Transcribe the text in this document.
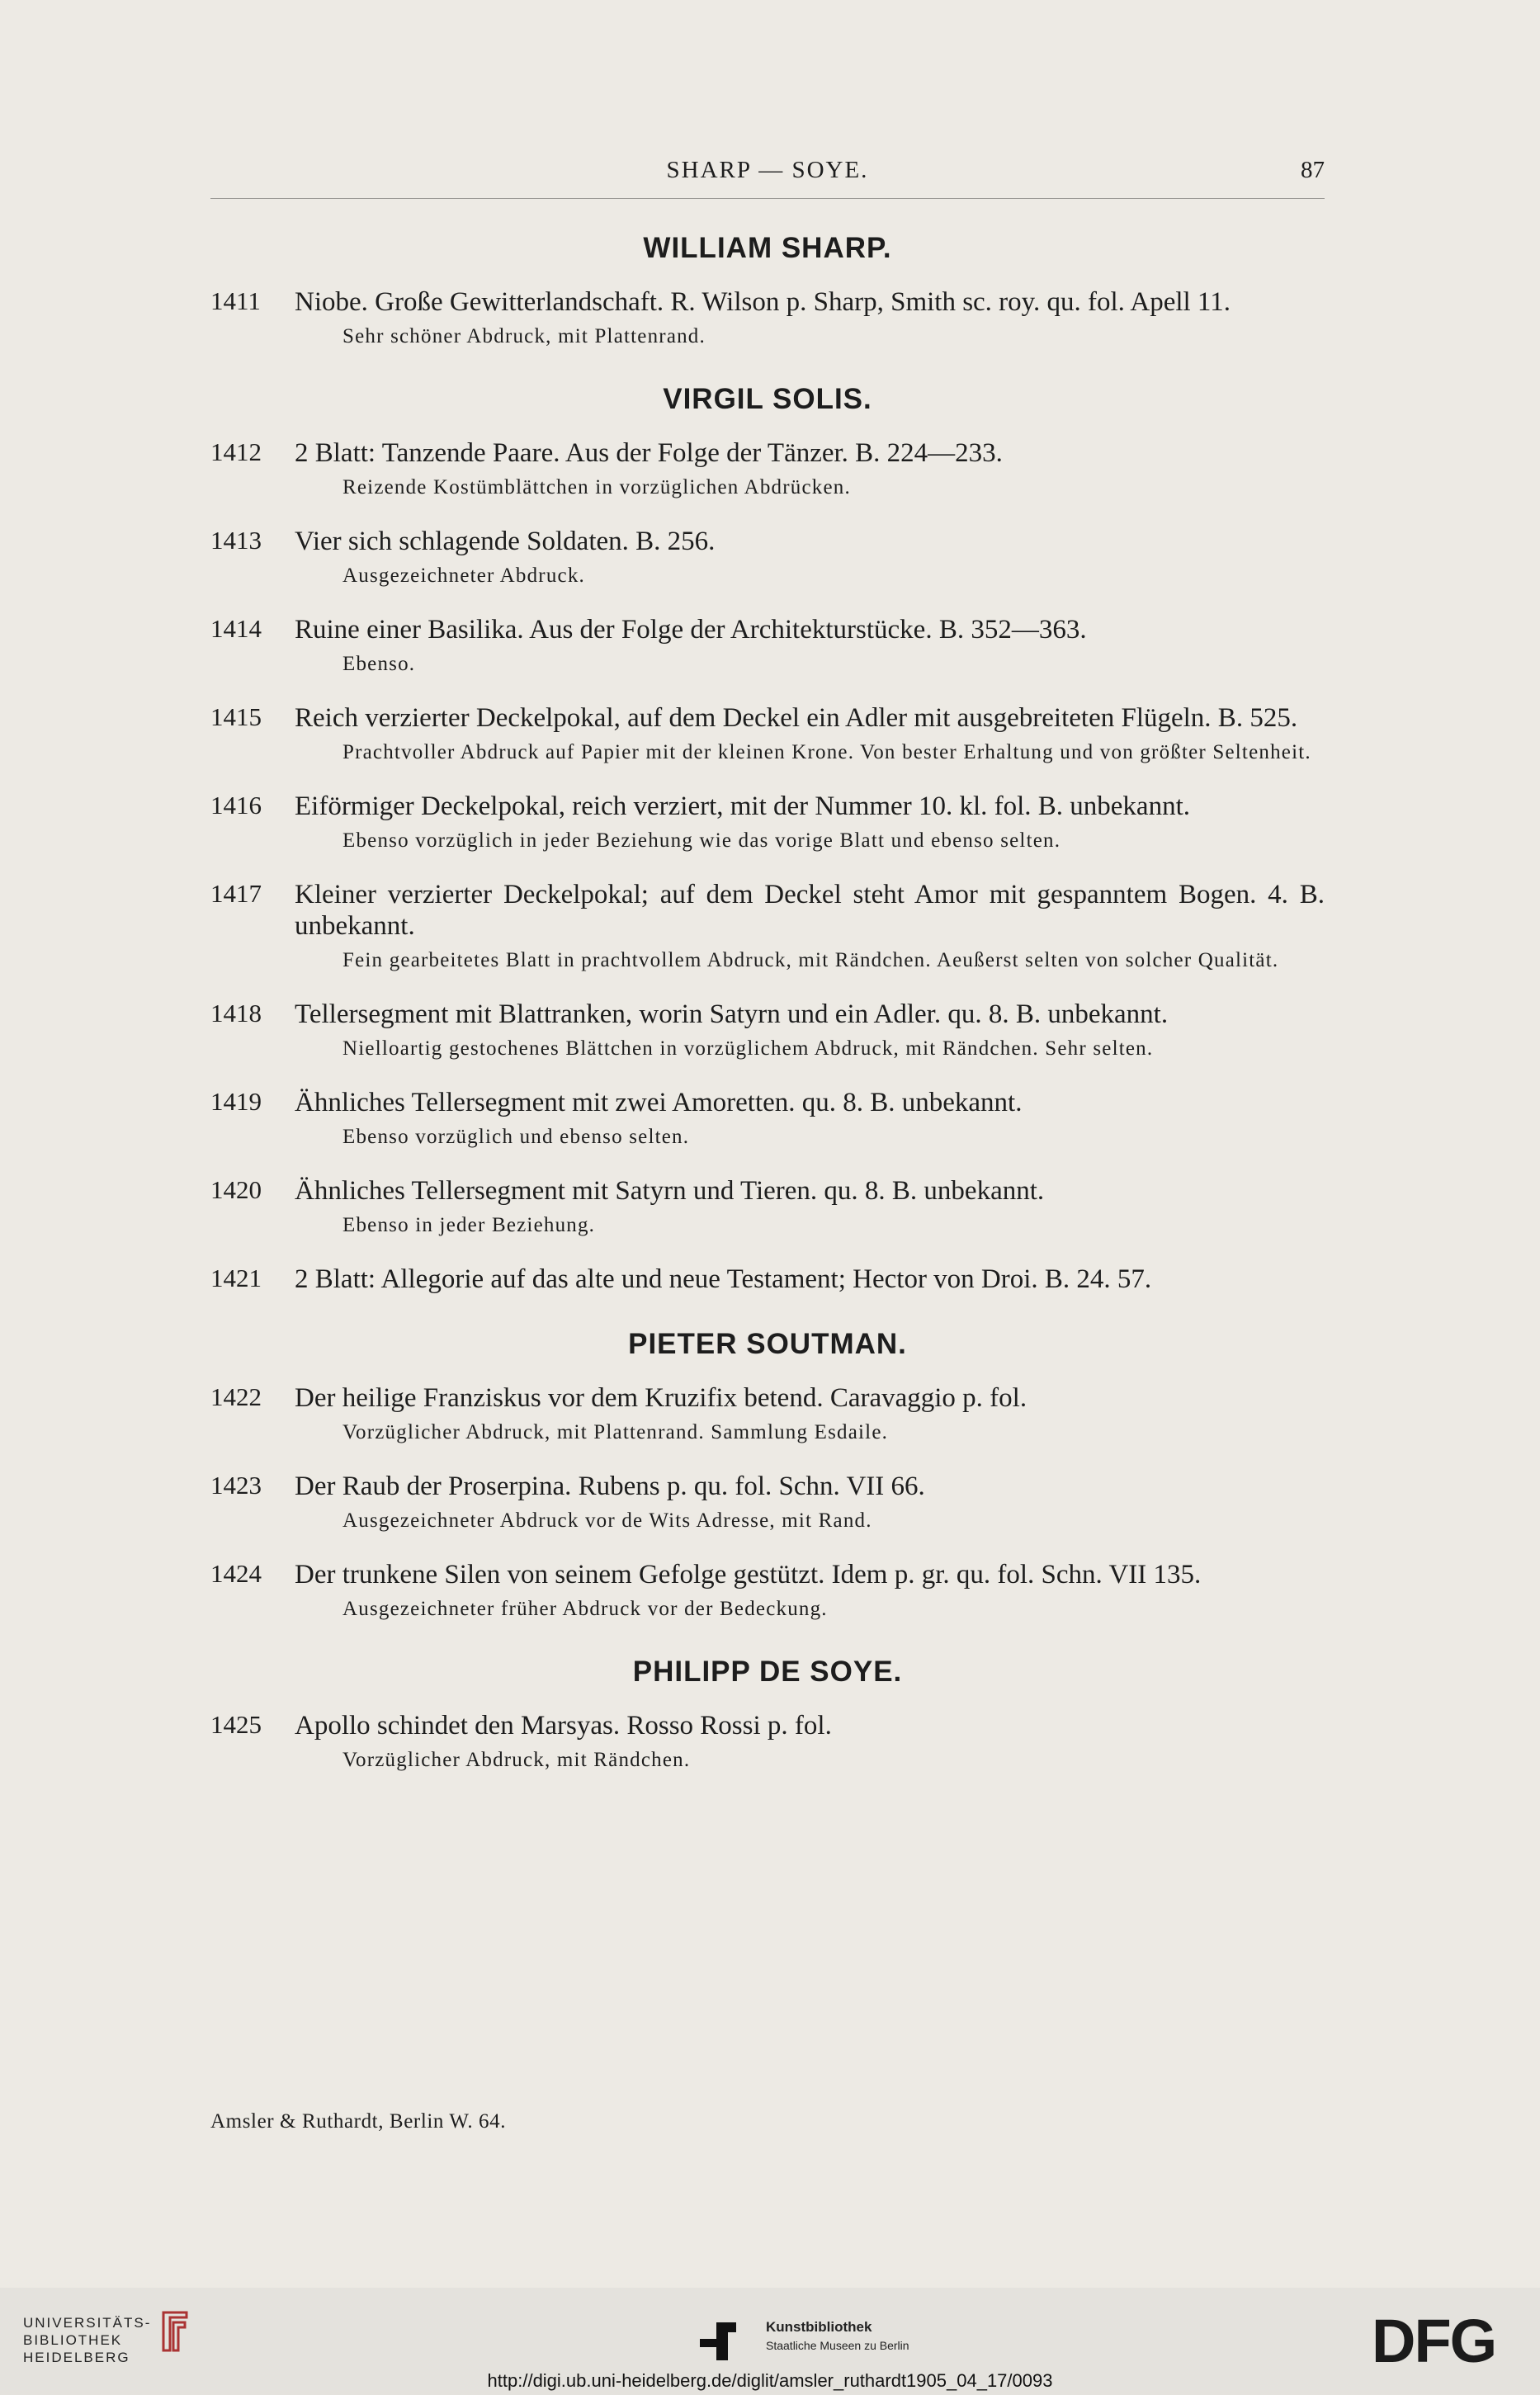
SHARP — SOYE.	87
WILLIAM SHARP.
1411 Niobe. Große Gewitterlandschaft. R. Wilson p. Sharp, Smith sc. roy. qu. fol. Apell 11.
Sehr schöner Abdruck, mit Plattenrand.
VIRGIL SOLIS.
1412 2 Blatt: Tanzende Paare. Aus der Folge der Tänzer. B. 224—233.
Reizende Kostümblättchen in vorzüglichen Abdrücken.
1413 Vier sich schlagende Soldaten. B. 256.
Ausgezeichneter Abdruck.
1414 Ruine einer Basilika. Aus der Folge der Architekturstücke. B. 352—363.
Ebenso.
1415 Reich verzierter Deckelpokal, auf dem Deckel ein Adler mit ausgebreiteten Flügeln. B. 525.
Prachtvoller Abdruck auf Papier mit der kleinen Krone. Von bester Erhaltung und von größter Seltenheit.
1416 Eiförmiger Deckelpokal, reich verziert, mit der Nummer 10. kl. fol. B. unbekannt.
Ebenso vorzüglich in jeder Beziehung wie das vorige Blatt und ebenso selten.
1417 Kleiner verzierter Deckelpokal; auf dem Deckel steht Amor mit gespanntem Bogen. 4. B. unbekannt.
Fein gearbeitetes Blatt in prachtvollem Abdruck, mit Rändchen. Aeußerst selten von solcher Qualität.
1418 Tellersegment mit Blattranken, worin Satyrn und ein Adler. qu. 8. B. unbekannt.
Nielloartig gestochenes Blättchen in vorzüglichem Abdruck, mit Rändchen. Sehr selten.
1419 Ähnliches Tellersegment mit zwei Amoretten. qu. 8. B. unbekannt.
Ebenso vorzüglich und ebenso selten.
1420 Ähnliches Tellersegment mit Satyrn und Tieren. qu. 8. B. unbekannt.
Ebenso in jeder Beziehung.
1421 2 Blatt: Allegorie auf das alte und neue Testament; Hector von Droi. B. 24. 57.
PIETER SOUTMAN.
1422 Der heilige Franziskus vor dem Kruzifix betend. Caravaggio p. fol.
Vorzüglicher Abdruck, mit Plattenrand. Sammlung Esdaile.
1423 Der Raub der Proserpina. Rubens p. qu. fol. Schn. VII 66.
Ausgezeichneter Abdruck vor de Wits Adresse, mit Rand.
1424 Der trunkene Silen von seinem Gefolge gestützt. Idem p. gr. qu. fol. Schn. VII 135.
Ausgezeichneter früher Abdruck vor der Bedeckung.
PHILIPP DE SOYE.
1425 Apollo schindet den Marsyas. Rosso Rossi p. fol.
Vorzüglicher Abdruck, mit Rändchen.
Amsler & Ruthardt, Berlin W. 64.
UNIVERSITÄTS-
BIBLIOTHEK
HEIDELBERG
Kunstbibliothek
Staatliche Museen zu Berlin	DFG
http://digi.ub.uni-heidelberg.de/diglit/amsler_ruthardt1905_04_17/0093
